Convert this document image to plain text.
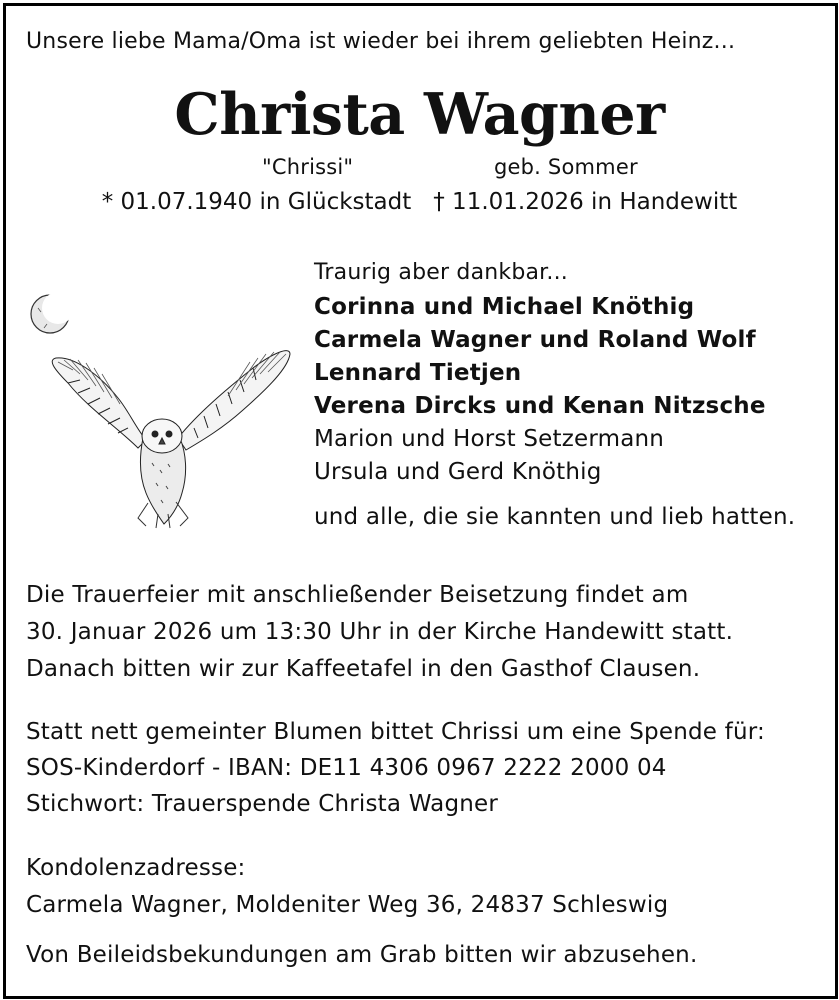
Unsere liebe Mama/Oma ist wieder bei ihrem geliebten Heinz...
Christa Wagner
"Chrissi"	geb. Sommer
* 01.07.1940 in Glückstadt † 11.01.2026 in Handewitt
Traurig aber dankbar...
Corinna und Michael Knöthig
Carmela Wagner und Roland Wolf
Lennard Tietjen
Verena Dircks und Kenan Nitzsche
Marion und Horst Setzermann
Ursula und Gerd Knöthig
und alle, die sie kannten und lieb hatten.
Die Trauerfeier mit anschließender Beisetzung findet am
30. Januar 2026 um 13:30 Uhr in der Kirche Handewitt statt.
Danach bitten wir zur Kaffeetafel in den Gasthof Clausen.
Statt nett gemeinter Blumen bittet Chrissi um eine Spende für:
SOS-Kinderdorf - IBAN: DE11 4306 0967 2222 2000 04
Stichwort: Trauerspende Christa Wagner
Kondolenzadresse:
Carmela Wagner, Moldeniter Weg 36, 24837 Schleswig
Von Beileidsbekundungen am Grab bitten wir abzusehen.
